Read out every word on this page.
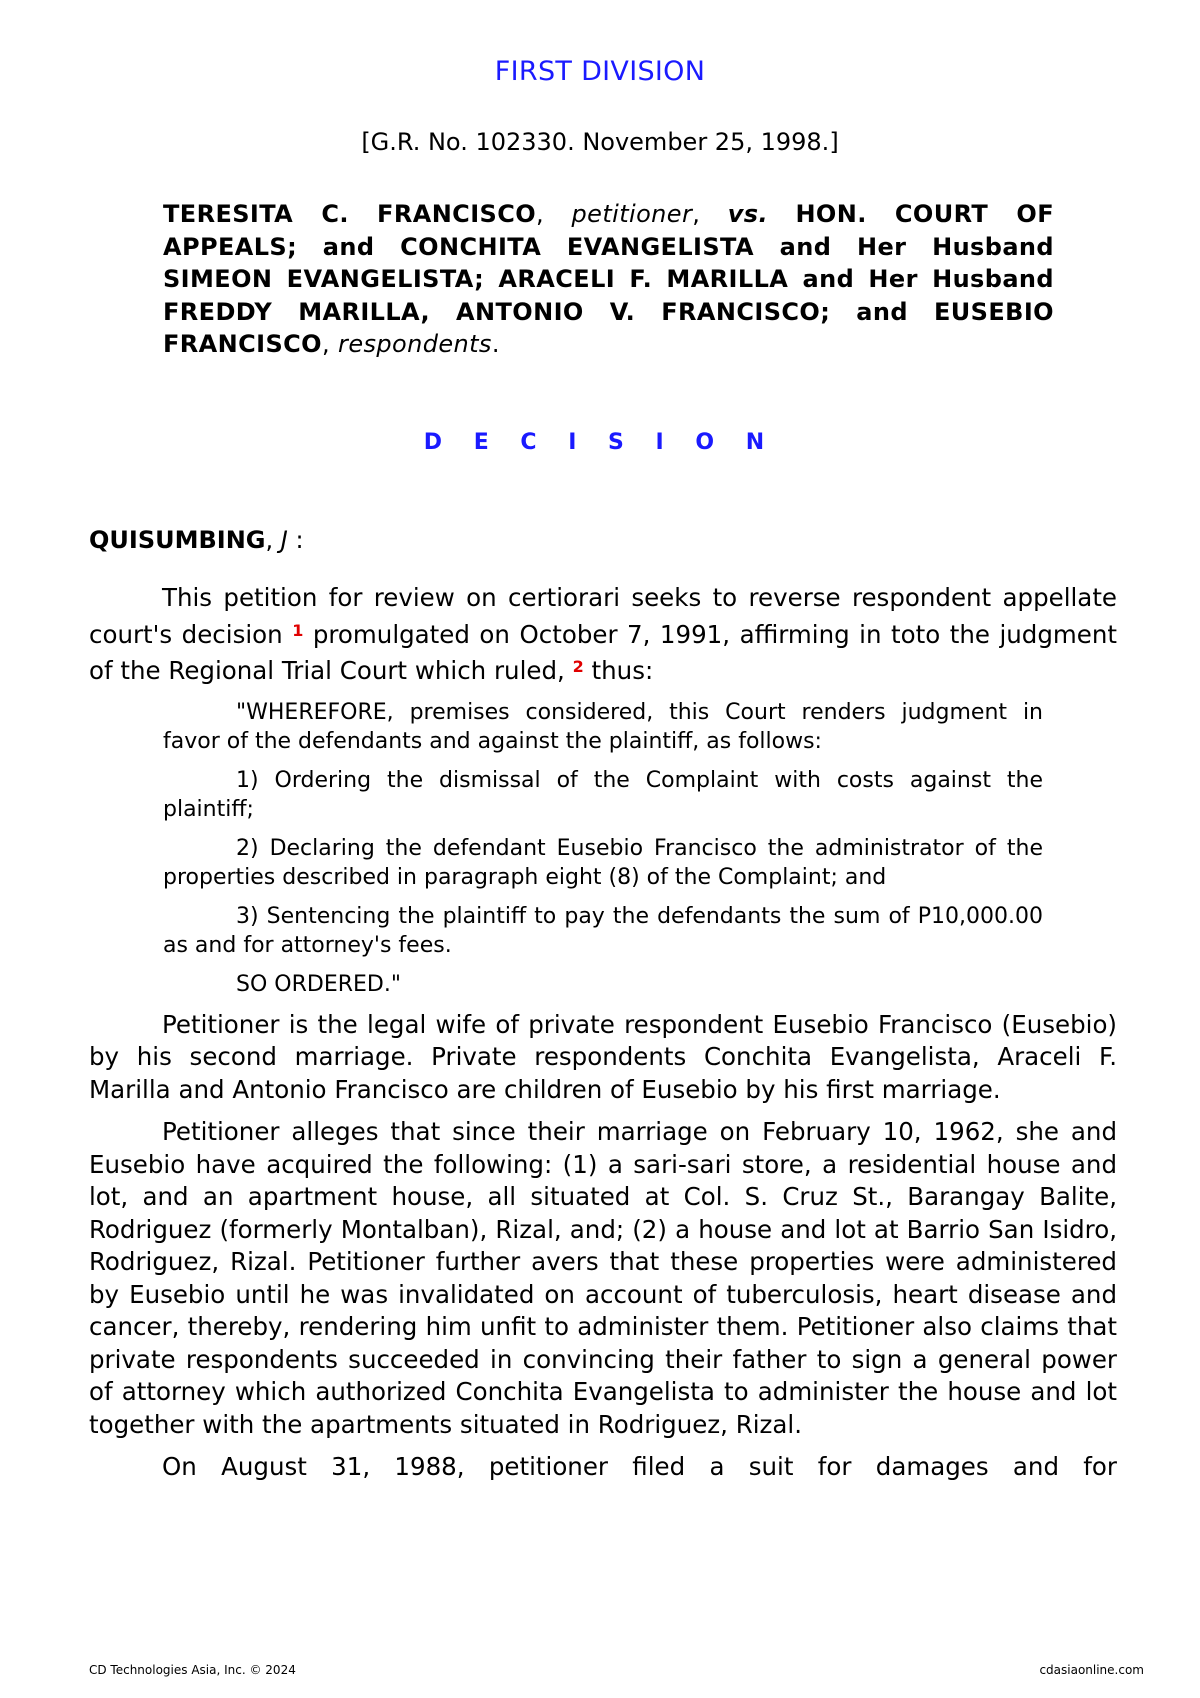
FIRST DIVISION
[G.R. No. 102330. November 25, 1998.]
TERESITA C. FRANCISCO, petitioner, vs. HON. COURT OF APPEALS; and CONCHITA EVANGELISTA and Her Husband SIMEON EVANGELISTA; ARACELI F. MARILLA and Her Husband FREDDY MARILLA, ANTONIO V. FRANCISCO; and EUSEBIO FRANCISCO, respondents.
D E C I S I O N
QUISUMBING, J :

This petition for review on certiorari seeks to reverse respondent appellate court's decision $^1$ promulgated on October 7, 1991, affirming in toto the judgment of the Regional Trial Court which ruled, $^2$ thus:

"WHEREFORE, premises considered, this Court renders judgment in favor of the defendants and against the plaintiff, as follows:

1) Ordering the dismissal of the Complaint with costs against the plaintiff;

2) Declaring the defendant Eusebio Francisco the administrator of the properties described in paragraph eight (8) of the Complaint; and

3) Sentencing the plaintiff to pay the defendants the sum of P10,000.00 as and for attorney's fees.

SO ORDERED."

Petitioner is the legal wife of private respondent Eusebio Francisco (Eusebio) by his second marriage. Private respondents Conchita Evangelista, Araceli F. Marilla and Antonio Francisco are children of Eusebio by his first marriage.

Petitioner alleges that since their marriage on February 10, 1962, she and Eusebio have acquired the following: (1) a sari-sari store, a residential house and lot, and an apartment house, all situated at Col. S. Cruz St., Barangay Balite, Rodriguez (formerly Montalban), Rizal, and; (2) a house and lot at Barrio San Isidro, Rodriguez, Rizal. Petitioner further avers that these properties were administered by Eusebio until he was invalidated on account of tuberculosis, heart disease and cancer, thereby, rendering him unfit to administer them. Petitioner also claims that private respondents succeeded in convincing their father to sign a general power of attorney which authorized Conchita Evangelista to administer the house and lot together with the apartments situated in Rodriguez, Rizal.

On August 31, 1988, petitioner filed a suit for damages and for

CD Technologies Asia, Inc. © 2024	cdasiaonline.com
